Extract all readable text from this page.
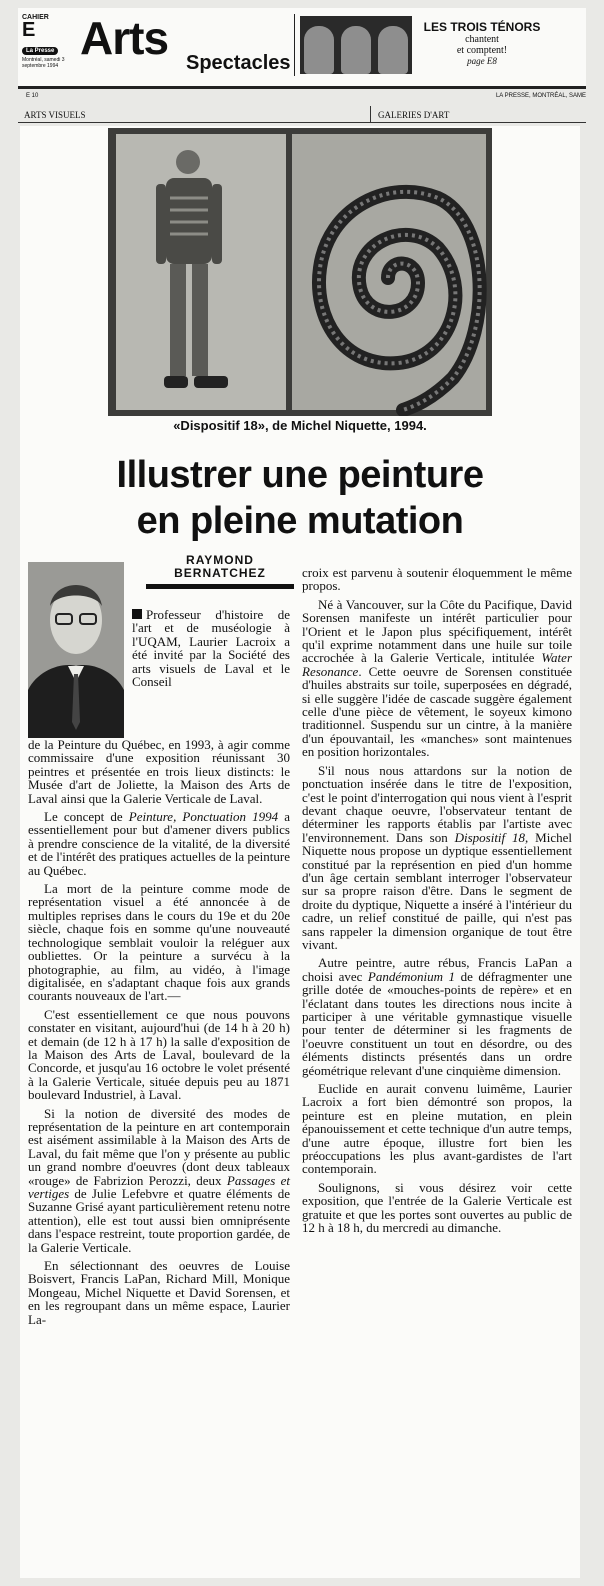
CAHIER
E
La Presse
Montréal, samedi 3 septembre 1994
Arts Spectacles
LES TROIS TÉNORS
chantent
et comptent!
page E8
E 10	LA PRESSE, MONTRÉAL, SAME
ARTS VISUELS	GALERIES D'ART
«Dispositif 18», de Michel Niquette, 1994.
Illustrer une peinture
en pleine mutation
RAYMOND
BERNATCHEZ

Professeur d'histoire de l'art et de muséologie à l'UQAM, Laurier Lacroix a été invité par la Société des arts visuels de Laval et le Conseil

de la Peinture du Québec, en 1993, à agir comme commissaire d'une exposition réunissant 30 peintres et présentée en trois lieux distincts: le Musée d'art de Joliette, la Maison des Arts de Laval ainsi que la Galerie Verticale de Laval.

Le concept de Peinture, Ponctuation 1994 a essentiellement pour but d'amener divers publics à prendre conscience de la vitalité, de la diversité et de l'intérêt des pratiques actuelles de la peinture au Québec.

La mort de la peinture comme mode de représentation visuel a été annoncée à de multiples reprises dans le cours du 19e et du 20e siècle, chaque fois en somme qu'une nouveauté technologique semblait vouloir la reléguer aux oubliettes. Or la peinture a survécu à la photographie, au film, au vidéo, à l'image digitalisée, en s'adaptant chaque fois aux grands courants nouveaux de l'art.—

C'est essentiellement ce que nous pouvons constater en visitant, aujourd'hui (de 14 h à 20 h) et demain (de 12 h à 17 h) la salle d'exposition de la Maison des Arts de Laval, boulevard de la Concorde, et jusqu'au 16 octobre le volet présenté à la Galerie Verticale, située depuis peu au 1871 boulevard Industriel, à Laval.

Si la notion de diversité des modes de représentation de la peinture en art contemporain est aisément assimilable à la Maison des Arts de Laval, du fait même que l'on y présente au public un grand nombre d'oeuvres (dont deux tableaux «rouge» de Fabrizion Perozzi, deux Passages et vertiges de Julie Lefebvre et quatre éléments de Suzanne Grisé ayant particulièrement retenu notre attention), elle est tout aussi bien omniprésente dans l'espace restreint, toute proportion gardée, de la Galerie Verticale.

En sélectionnant des oeuvres de Louise Boisvert, Francis LaPan, Richard Mill, Monique Mongeau, Michel Niquette et David Sorensen, et en les regroupant dans un même espace, Laurier La-

croix est parvenu à soutenir éloquemment le même propos.

Né à Vancouver, sur la Côte du Pacifique, David Sorensen manifeste un intérêt particulier pour l'Orient et le Japon plus spécifiquement, intérêt qu'il exprime notamment dans une huile sur toile accrochée à la Galerie Verticale, intitulée Water Resonance. Cette oeuvre de Sorensen constituée d'huiles abstraits sur toile, superposées en dégradé, si elle suggère l'idée de cascade suggère également celle d'une pièce de vêtement, le soyeux kimono traditionnel. Suspendu sur un cintre, à la manière d'un épouvantail, les «manches» sont maintenues en position horizontales.

S'il nous nous attardons sur la notion de ponctuation insérée dans le titre de l'exposition, c'est le point d'interrogation qui nous vient à l'esprit devant chaque oeuvre, l'observateur tentant de déterminer les rapports établis par l'artiste avec l'environnement. Dans son Dispositif 18, Michel Niquette nous propose un dyptique essentiellement constitué par la représention en pied d'un homme d'un âge certain semblant interroger l'observateur sur sa propre raison d'être. Dans le segment de droite du dyptique, Niquette a inséré à l'intérieur du cadre, un relief constitué de paille, qui n'est pas sans rappeler la dimension organique de tout être vivant.

Autre peintre, autre rébus, Francis LaPan a choisi avec Pandémonium 1 de défragmenter une grille dotée de «mouches-points de repère» et en l'éclatant dans toutes les directions nous incite à participer à une véritable gymnastique visuelle pour tenter de déterminer si les fragments de l'oeuvre constituent un tout en désordre, ou des éléments distincts présentés dans un ordre géométrique relevant d'une cinquième dimension.

Euclide en aurait convenu luimême, Laurier Lacroix a fort bien démontré son propos, la peinture est en pleine mutation, en plein épanouissement et cette technique d'un autre temps, d'une autre époque, illustre fort bien les préoccupations les plus avant-gardistes de l'art contemporain.

Soulignons, si vous désirez voir cette exposition, que l'entrée de la Galerie Verticale est gratuite et que les portes sont ouvertes au public de 12 h à 18 h, du mercredi au dimanche.
